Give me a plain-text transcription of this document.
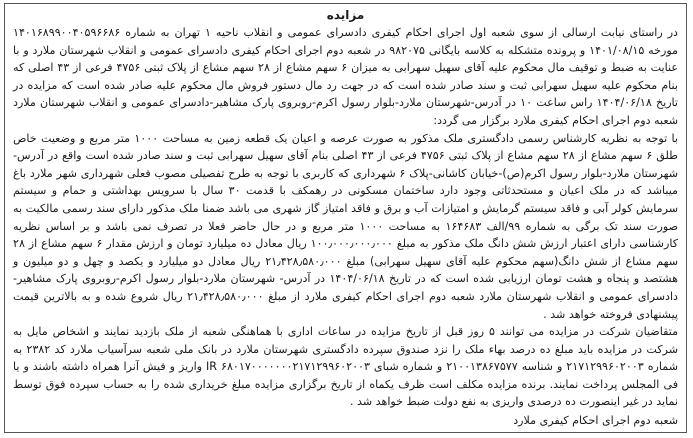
مزایده

در راستای نیابت ارسالی از سوی شعبه اول اجرای احکام کیفری دادسرای عمومی و انقلاب ناحیه ۱ تهران به شماره ۱۴۰۱۶۸۹۹۰۰۴۰۵۹۶۶۸۶ مورخه ۱۴۰۱/۰۸/۱۵ و پرونده متشکله به کلاسه بایگانی ۹۸۲۰۷۵ در شعبه دوم اجرای احکام کیفری دادسرای عمومی و انقلاب شهرستان ملارد و با عنایت به ضبط و توقیف مال محکوم علیه آقای سهیل سهرابی به میزان ۶ سهم مشاع از ۲۸ سهم مشاع از پلاک ثبتی ۴۷۵۶ فرعی از ۴۳ اصلی که بنام محکوم علیه سهیل سهرابی ثبت و سند صادر شده است که در جهت رد مال دستور فروش مال محکوم علیه صادر شده است که مزایده در تاریخ ۱۴۰۴/۰۶/۱۸ راس ساعت ۱۰ در آدرس-شهرستان ملارد-بلوار رسول اکرم-روبروی پارک مشاهیر-دادسرای عمومی و انقلاب شهرستان ملارد شعبه دوم اجرای احکام کیفری ملارد برگزار می گردد:

با توجه به نظریه کارشناس رسمی دادگستری ملک مذکور به صورت عرصه و اعیان یک قطعه زمین به مساحت ۱۰۰۰ متر مربع و وضعیت خاص طلق ۶ سهم مشاع از ۲۸ سهم مشاع از پلاک ثبتی ۴۷۵۶ فرعی از ۴۳ اصلی بنام آقای سهیل سهرابی ثبت و سند صادر شده است واقع در آدرس-شهرستان ملارد-بلوار رسول اکرم(ص)-خیابان کاشانی-پلاک ۶ شهرداری که کاربری با توجه به طرح تفصیلی مصوب فعلی شهرداری شهر ملارد باغ میباشد که در ملک اعیان و مستحدثاتی وجود دارد ساختمان مسکونی در رهمکف با قدمت ۳۰ سال با سرویس بهداشتی و حمام و سیستم سرمایش کولر آبی و فاقد سیستم گرمایش و امتیازات آب و برق و فاقد امتیاز گاز شهری می باشد ضمنا ملک مذکور دارای سند رسمی مالکیت به صورت سند تک برگی به شماره ۹۹/الف ۱۶۴۶۸۳ به مساحت ۱۰۰۰ متر مربع و در حال حاضر فعلا در تصرف نمی باشد و بر اساس نظریه کارشناسی دارای اعتبار ارزش شش دانگ ملک مذکور به مبلغ ۱۰۰٫۰۰۰٫۰۰۰٫۰۰۰ ریال معادل ده میلیارد تومان و ارزش مقدار ۶ سهم مشاع از ۲۸ سهم مشاع از شش دانگ(سهم محکوم علیه آقای سهیل سهرابی) مبلغ ۲۱٫۴۲۸٫۵۸۰٫۰۰۰ ریال معادل دو میلیارد و یکصد و چهل و دو میلیون و هشتصد و پنجاه و هشت تومان ارزیابی شده است که در تاریخ ۱۴۰۴/۰۶/۱۸ در آدرس- شهرستان ملارد-بلوار رسول اکرم-روبروی پارک مشاهیر-دادسرای عمومی و انقلاب شهرستان ملارد شعبه دوم اجرای احکام کیفری ملارد از مبلغ ۲۱٫۴۲۸٫۵۸۰٫۰۰۰ ریال شروع شده و به بالاترین قیمت پیشنهادی فروخته خواهد شد .

متقاضیان شرکت در مزایده می توانند ۵ روز قبل از تاریخ مزایده در ساعات اداری با هماهنگی شعبه از ملک بازدید نمایند و اشخاص مایل به شرکت در مزایده باید مبلغ ده درصد بهاء ملک را نزد صندوق سپرده دادگستری شهرستان ملارد در بانک ملی شعبه سرآسیاب ملارد کد ۲۳۸۲ به شماره ۲۱۷۱۲۹۹۶۰۲۰۰۳ و شناسه ۲۱۰۰۱۳۸۶۷۵۷۷ و شماره شبای ۶۸۰۱۷۰۰۰۰۰۰۰۲۱۷۱۲۹۹۶۰۲۰۰۳ IR واریز و فیش آنرا همراه داشته باشند و یا فی المجلس پرداخت نمایند. برنده مزایده مکلف است ظرف یکماه از تاریخ برگزاری مزایده مبلغ خریداری شده را به حساب سپرده فوق توسط نماید در غیر اینصورت ده درصدی واریزی به نفع دولت ضبط خواهد شد .

شعبه دوم اجرای احکام کیفری ملارد
